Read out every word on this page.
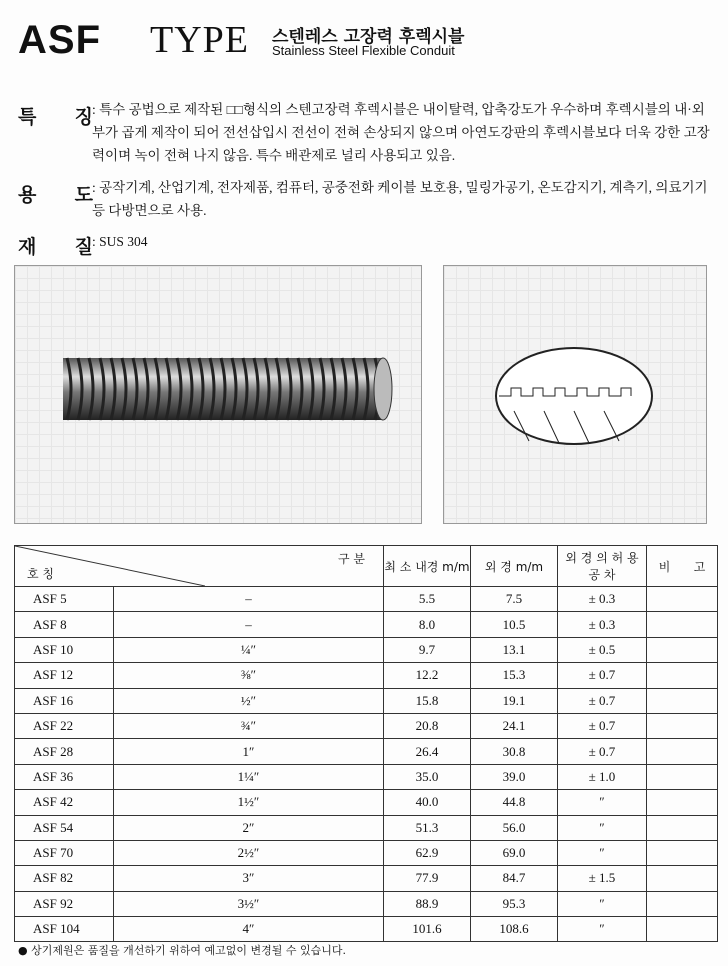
ASF TYPE 스텐레스 고장력 후렉시블
Stainless Steel Flexible Conduit
특 징 : 특수 공법으로 제작된 □□형식의 스텐고장력 후렉시블은 내이탈력, 압축강도가 우수하며 후렉시블의 내·외부가 곱게 제작이 되어 전선삽입시 전선이 전혀 손상되지 않으며 아연도강판의 후렉시블보다 더욱 강한 고장력이며 녹이 전혀 나지 않음. 특수 배관제로 널리 사용되고 있음.
용 도 : 공작기계, 산업기계, 전자제품, 컴퓨터, 공중전화 케이블 보호용, 밀링가공기, 온도감지기, 계측기, 의료기기 등 다방면으로 사용.
재 질 : SUS 304
구 분
호 칭		최 소 내경 m/m	외 경 m/m	외 경 의 허 용 공 차	비 고

ASF 5	–	5.5	7.5	± 0.3	
ASF 8	–	8.0	10.5	± 0.3	
ASF 10	¼″	9.7	13.1	± 0.5	
ASF 12	⅜″	12.2	15.3	± 0.7	
ASF 16	½″	15.8	19.1	± 0.7	
ASF 22	¾″	20.8	24.1	± 0.7	
ASF 28	1″	26.4	30.8	± 0.7	
ASF 36	1¼″	35.0	39.0	± 1.0	
ASF 42	1½″	40.0	44.8	″	
ASF 54	2″	51.3	56.0	″	
ASF 70	2½″	62.9	69.0	″	
ASF 82	3″	77.9	84.7	± 1.5	
ASF 92	3½″	88.9	95.3	″	
ASF 104	4″	101.6	108.6	″	
● 상기제원은 품질을 개선하기 위하여 예고없이 변경될 수 있습니다.
